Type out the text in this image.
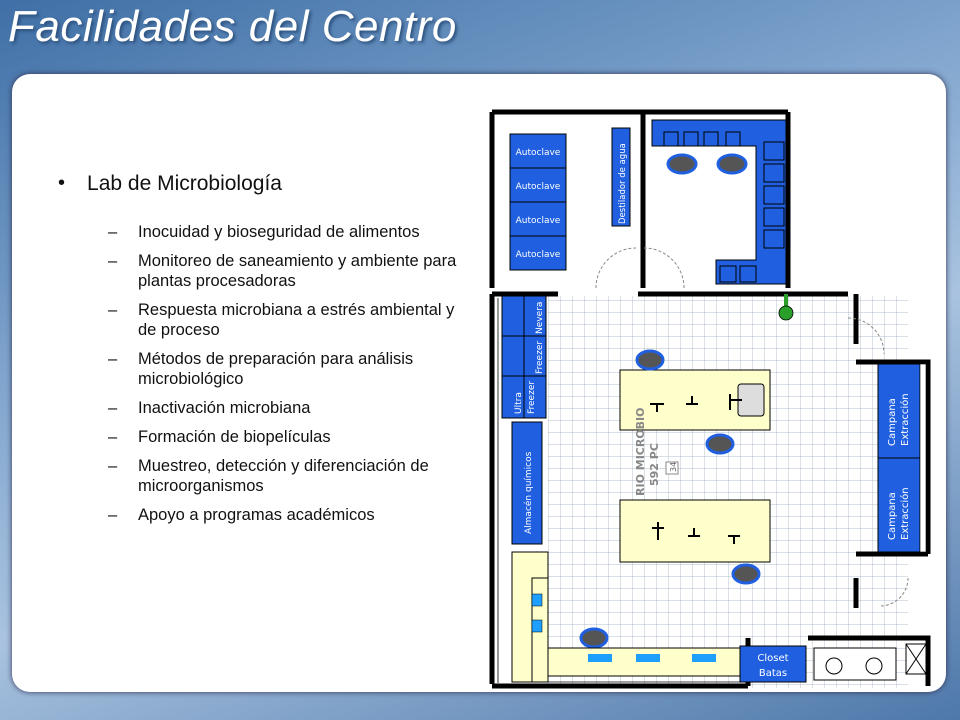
Facilidades del Centro
• Lab de Microbiología
–	Inocuidad y bioseguridad de alimentos
–	Monitoreo de saneamiento y ambiente para plantas procesadoras
–	Respuesta microbiana a estrés ambiental y de proceso
–	Métodos de preparación para análisis microbiológico
–	Inactivación microbiana
–	Formación de biopelículas
–	Muestreo, detección y diferenciación de microorganismos
–	Apoyo a programas académicos
Autoclave
Autoclave
Autoclave
Autoclave
Destilador de agua
Nevera
Freezer
Ultra Freezer
Almacén químicos	RIO MICROBIO 592 PC 34
Campana Extracción
Campana Extracción
Closet
Batas
